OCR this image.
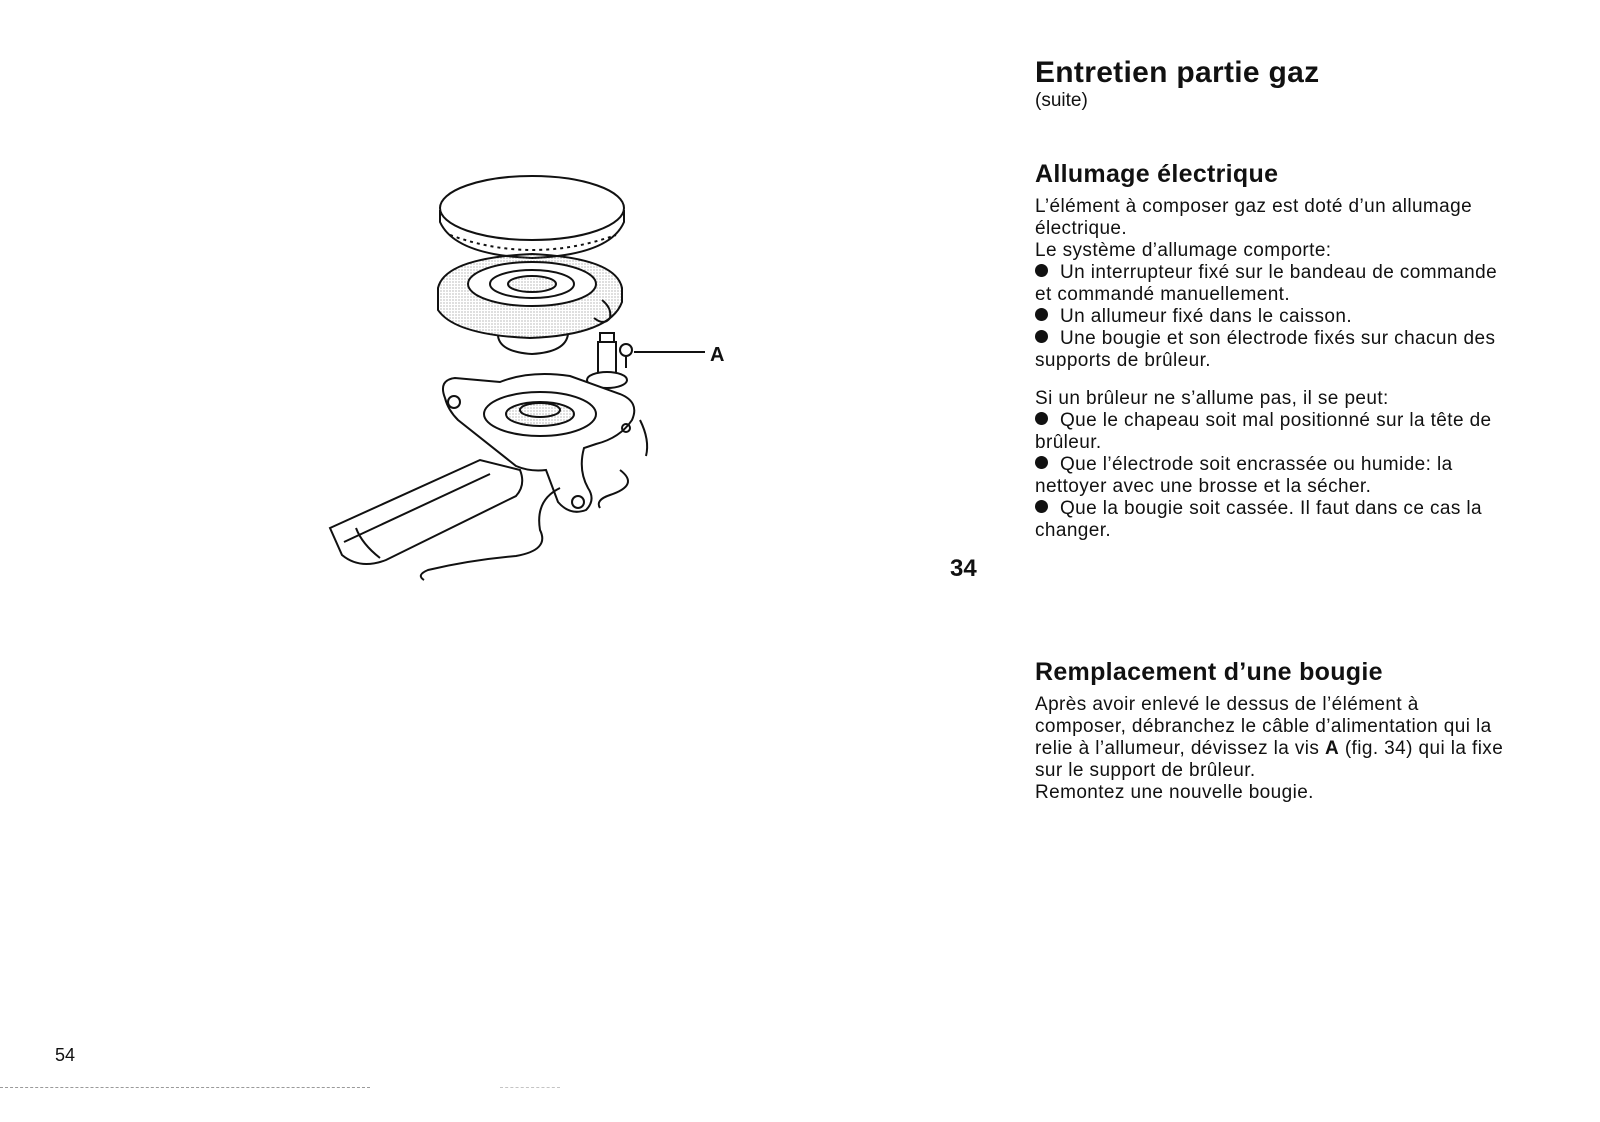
A
34
Entretien partie gaz
(suite)
Allumage électrique

L’élément à composer gaz est doté d’un allumage électrique.

Le système d’allumage comporte:

Un interrupteur fixé sur le bandeau de commande et commandé manuellement.

Un allumeur fixé dans le caisson.

Une bougie et son électrode fixés sur chacun des supports de brûleur.

Si un brûleur ne s’allume pas, il se peut:

Que le chapeau soit mal positionné sur la tête de brûleur.

Que l’électrode soit encrassée ou humide: la nettoyer avec une brosse et la sécher.

Que la bougie soit cassée. Il faut dans ce cas la changer.

Remplacement d’une bougie

Après avoir enlevé le dessus de l’élément à composer, débranchez le câble d’alimentation qui la relie à l’allumeur, dévissez la vis A (fig. 34) qui la fixe sur le support de brûleur.

Remontez une nouvelle bougie.

54
